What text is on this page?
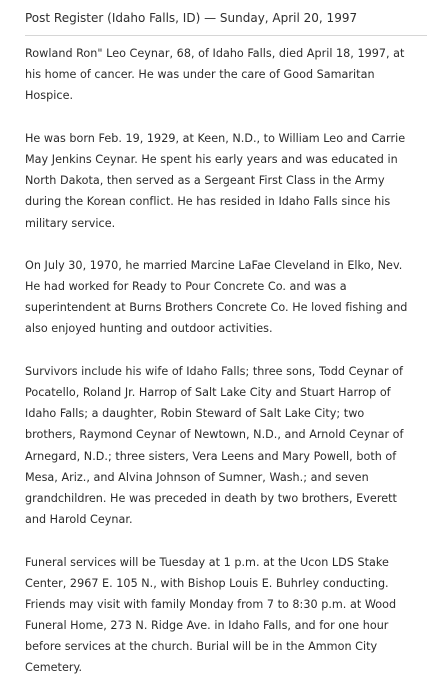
Post Register (Idaho Falls, ID) — Sunday, April 20, 1997
Rowland Ron" Leo Ceynar, 68, of Idaho Falls, died April 18, 1997, at
his home of cancer. He was under the care of Good Samaritan
Hospice.
He was born Feb. 19, 1929, at Keen, N.D., to William Leo and Carrie
May Jenkins Ceynar. He spent his early years and was educated in
North Dakota, then served as a Sergeant First Class in the Army
during the Korean conflict. He has resided in Idaho Falls since his
military service.
On July 30, 1970, he married Marcine LaFae Cleveland in Elko, Nev.
He had worked for Ready to Pour Concrete Co. and was a
superintendent at Burns Brothers Concrete Co. He loved fishing and
also enjoyed hunting and outdoor activities.
Survivors include his wife of Idaho Falls; three sons, Todd Ceynar of
Pocatello, Roland Jr. Harrop of Salt Lake City and Stuart Harrop of
Idaho Falls; a daughter, Robin Steward of Salt Lake City; two
brothers, Raymond Ceynar of Newtown, N.D., and Arnold Ceynar of
Arnegard, N.D.; three sisters, Vera Leens and Mary Powell, both of
Mesa, Ariz., and Alvina Johnson of Sumner, Wash.; and seven
grandchildren. He was preceded in death by two brothers, Everett
and Harold Ceynar.
Funeral services will be Tuesday at 1 p.m. at the Ucon LDS Stake
Center, 2967 E. 105 N., with Bishop Louis E. Buhrley conducting.
Friends may visit with family Monday from 7 to 8:30 p.m. at Wood
Funeral Home, 273 N. Ridge Ave. in Idaho Falls, and for one hour
before services at the church. Burial will be in the Ammon City
Cemetery.
